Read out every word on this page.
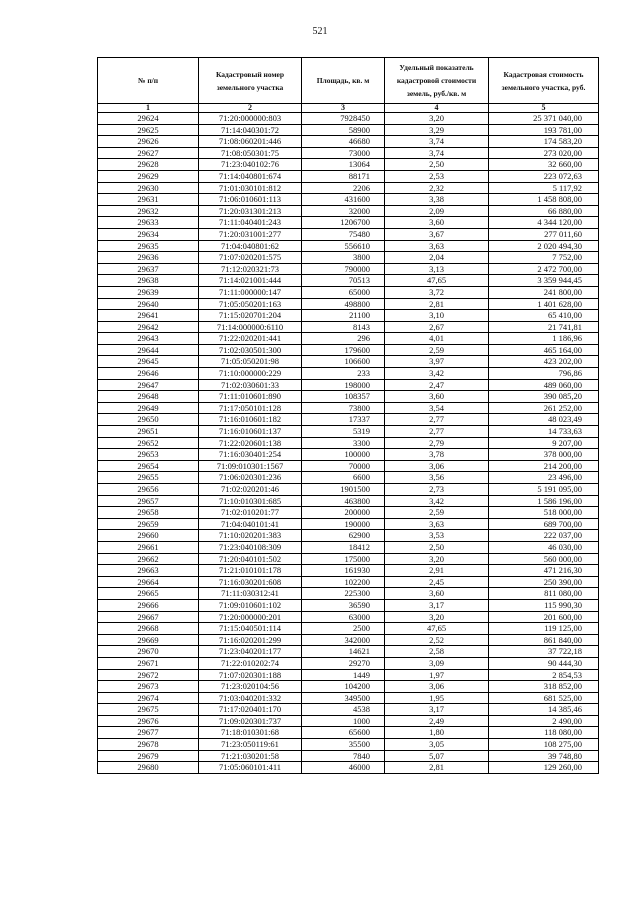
521
№ п/п	Кадастровый номер земельного участка	Площадь, кв. м	Удельный показатель кадастровой стоимости земель, руб./кв. м	Кадастровая стоимость земельного участка, руб.
1	2	3	4	5
29624	71:20:000000:803	7928450	3,20	25 371 040,00
29625	71:14:040301:72	58900	3,29	193 781,00
29626	71:08:060201:446	46680	3,74	174 583,20
29627	71:08:050301:75	73000	3,74	273 020,00
29628	71:23:040102:76	13064	2,50	32 660,00
29629	71:14:040801:674	88171	2,53	223 072,63
29630	71:01:030101:812	2206	2,32	5 117,92
29631	71:06:010601:113	431600	3,38	1 458 808,00
29632	71:20:031301:213	32000	2,09	66 880,00
29633	71:11:040401:243	1206700	3,60	4 344 120,00
29634	71:20:031001:277	75480	3,67	277 011,60
29635	71:04:040801:62	556610	3,63	2 020 494,30
29636	71:07:020201:575	3800	2,04	7 752,00
29637	71:12:020321:73	790000	3,13	2 472 700,00
29638	71:14:021001:444	70513	47,65	3 359 944,45
29639	71:11:000000:147	65000	3,72	241 800,00
29640	71:05:050201:163	498800	2,81	1 401 628,00
29641	71:15:020701:204	21100	3,10	65 410,00
29642	71:14:000000:6110	8143	2,67	21 741,81
29643	71:22:020201:441	296	4,01	1 186,96
29644	71:02:030501:300	179600	2,59	465 164,00
29645	71:05:050201:98	106600	3,97	423 202,00
29646	71:10:000000:229	233	3,42	796,86
29647	71:02:030601:33	198000	2,47	489 060,00
29648	71:11:010601:890	108357	3,60	390 085,20
29649	71:17:050101:128	73800	3,54	261 252,00
29650	71:16:010601:182	17337	2,77	48 023,49
29651	71:16:010601:137	5319	2,77	14 733,63
29652	71:22:020601:138	3300	2,79	9 207,00
29653	71:16:030401:254	100000	3,78	378 000,00
29654	71:09:010301:1567	70000	3,06	214 200,00
29655	71:06:020301:236	6600	3,56	23 496,00
29656	71:02:020201:46	1901500	2,73	5 191 095,00
29657	71:10:010301:685	463800	3,42	1 586 196,00
29658	71:02:010201:77	200000	2,59	518 000,00
29659	71:04:040101:41	190000	3,63	689 700,00
29660	71:10:020201:383	62900	3,53	222 037,00
29661	71:23:040108:309	18412	2,50	46 030,00
29662	71:20:040101:502	175000	3,20	560 000,00
29663	71:21:010101:178	161930	2,91	471 216,30
29664	71:16:030201:608	102200	2,45	250 390,00
29665	71:11:030312:41	225300	3,60	811 080,00
29666	71:09:010601:102	36590	3,17	115 990,30
29667	71:20:000000:201	63000	3,20	201 600,00
29668	71:15:040501:114	2500	47,65	119 125,00
29669	71:16:020201:299	342000	2,52	861 840,00
29670	71:23:040201:177	14621	2,58	37 722,18
29671	71:22:010202:74	29270	3,09	90 444,30
29672	71:07:020301:188	1449	1,97	2 854,53
29673	71:23:020104:56	104200	3,06	318 852,00
29674	71:03:040201:332	349500	1,95	681 525,00
29675	71:17:020401:170	4538	3,17	14 385,46
29676	71:09:020301:737	1000	2,49	2 490,00
29677	71:18:010301:68	65600	1,80	118 080,00
29678	71:23:050119:61	35500	3,05	108 275,00
29679	71:21:030201:58	7840	5,07	39 748,80
29680	71:05:060101:411	46000	2,81	129 260,00
